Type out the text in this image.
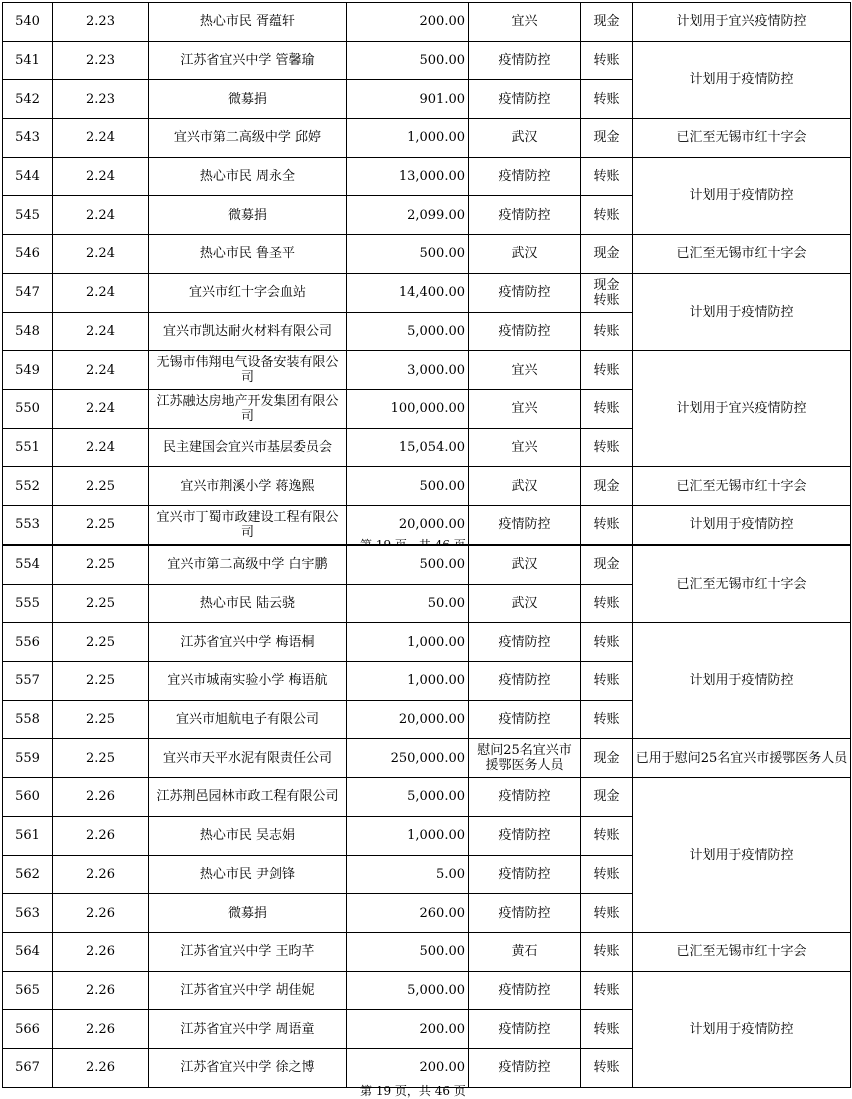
540	2.23	热心市民 胥蕴轩	200.00	宜兴	现金	计划用于宜兴疫情防控
541	2.23	江苏省宜兴中学 管馨瑜	500.00	疫情防控	转账	计划用于疫情防控
542	2.23	微募捐	901.00	疫情防控	转账	
543	2.24	宜兴市第二高级中学 邱婷	1,000.00	武汉	现金	已汇至无锡市红十字会
544	2.24	热心市民 周永全	13,000.00	疫情防控	转账	计划用于疫情防控
545	2.24	微募捐	2,099.00	疫情防控	转账	
546	2.24	热心市民 鲁圣平	500.00	武汉	现金	已汇至无锡市红十字会
547	2.24	宜兴市红十字会血站	14,400.00	疫情防控	现金转账	计划用于疫情防控
548	2.24	宜兴市凯达耐火材料有限公司	5,000.00	疫情防控	转账	
549	2.24	无锡市伟翔电气设备安装有限公司	3,000.00	宜兴	转账	计划用于宜兴疫情防控
550	2.24	江苏融达房地产开发集团有限公司	100,000.00	宜兴	转账	
551	2.24	民主建国会宜兴市基层委员会	15,054.00	宜兴	转账	
552	2.25	宜兴市荆溪小学 蒋逸熙	500.00	武汉	现金	已汇至无锡市红十字会
553	2.25	宜兴市丁蜀市政建设工程有限公司	20,000.00	疫情防控	转账	计划用于疫情防控
554	2.25	宜兴市第二高级中学 白宇鹏	500.00	武汉	现金	已汇至无锡市红十字会
555	2.25	热心市民 陆云骁	50.00	武汉	转账	
556	2.25	江苏省宜兴中学 梅语桐	1,000.00	疫情防控	转账	计划用于疫情防控
557	2.25	宜兴市城南实验小学 梅语航	1,000.00	疫情防控	转账	
558	2.25	宜兴市旭航电子有限公司	20,000.00	疫情防控	转账	
559	2.25	宜兴市天平水泥有限责任公司	250,000.00	慰问25名宜兴市援鄂医务人员	现金	已用于慰问25名宜兴市援鄂医务人员
560	2.26	江苏荆邑园林市政工程有限公司	5,000.00	疫情防控	现金	计划用于疫情防控
561	2.26	热心市民 吴志娟	1,000.00	疫情防控	转账	
562	2.26	热心市民 尹剑锋	5.00	疫情防控	转账	
563	2.26	微募捐	260.00	疫情防控	转账	
564	2.26	江苏省宜兴中学 王昀芊	500.00	黄石	转账	已汇至无锡市红十字会
565	2.26	江苏省宜兴中学 胡佳妮	5,000.00	疫情防控	转账	计划用于疫情防控
566	2.26	江苏省宜兴中学 周语童	200.00	疫情防控	转账	
567	2.26	江苏省宜兴中学 徐之博	200.00	疫情防控	转账	
第 19 页，共 46 页
